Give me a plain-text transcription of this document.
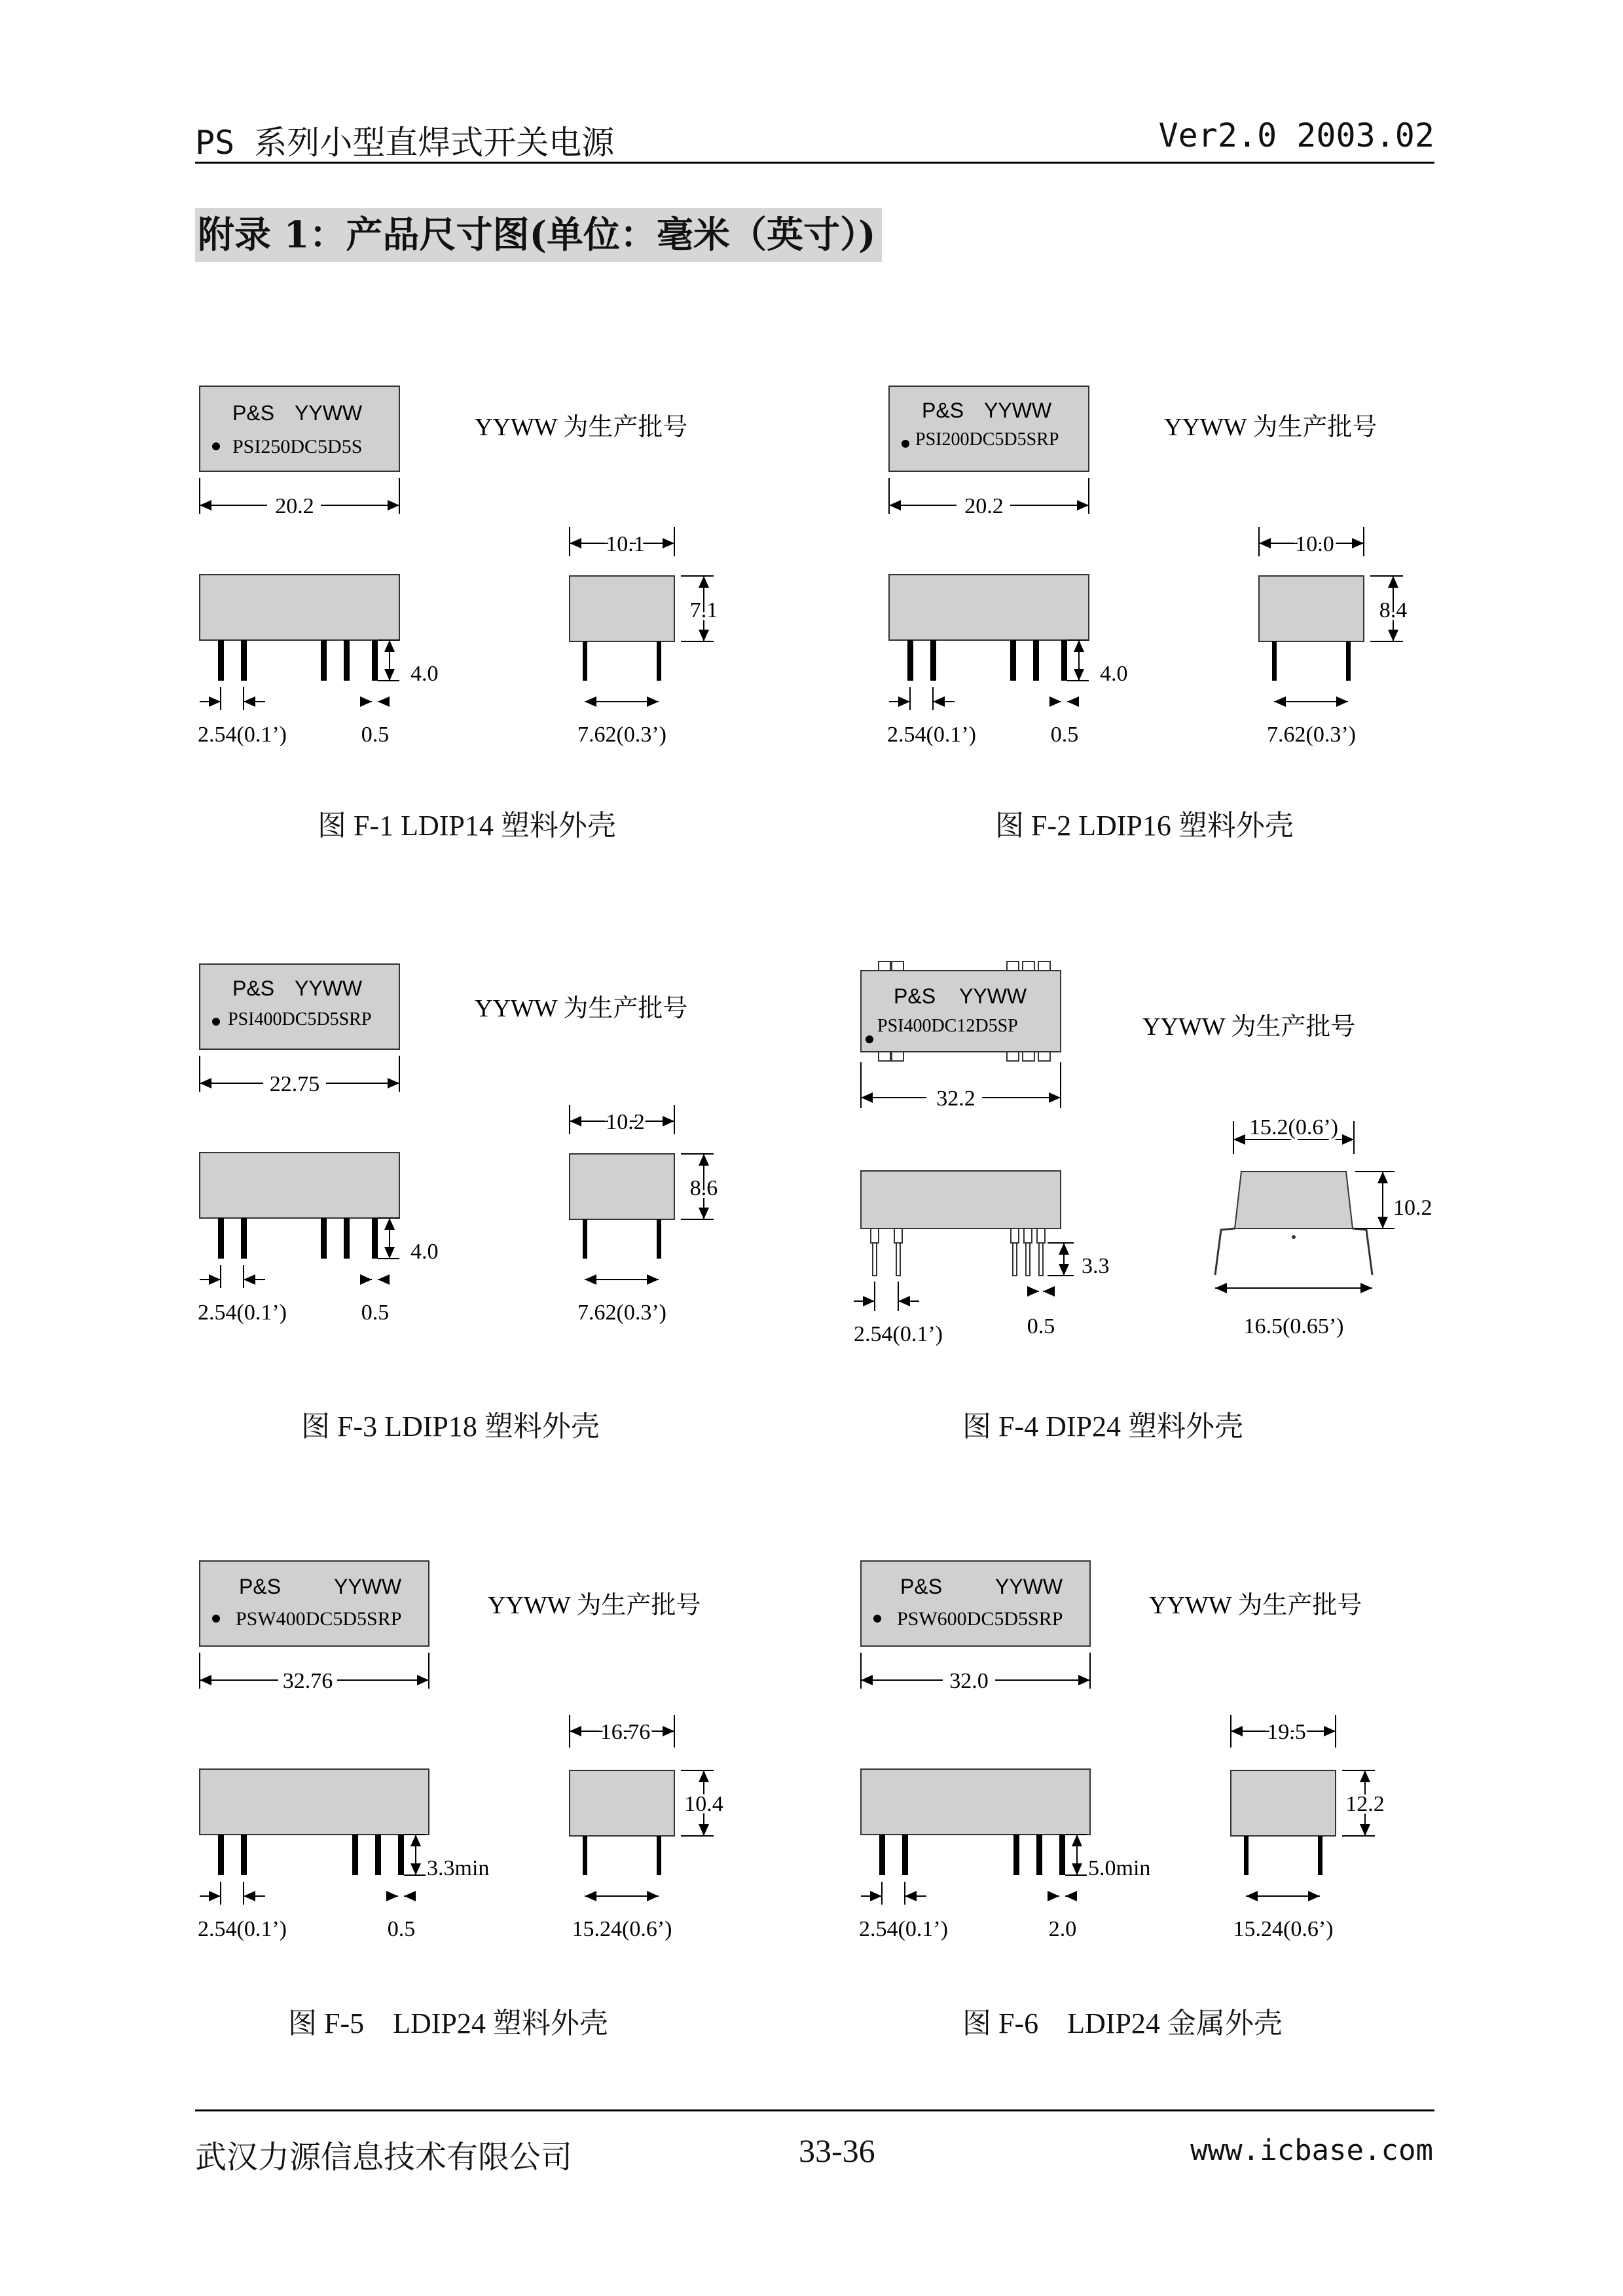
PS 系列小型直焊式开关电源	Ver2.0 2003.02
附录 1：产品尺寸图(单位：毫米（英寸）)
P&S YYWW
PSI250DC5D5S
YYWW 为生产批号
20.2
4.0
2.54(0.1’)	0.5
10.1
7.1
7.62(0.3’)
图 F-1 LDIP14 塑料外壳
P&S YYWW
PSI200DC5D5SRP	YYWW 为生产批号
20.2
4.0
2.54(0.1’)	0.5
10.0
8.4
7.62(0.3’)
图 F-2 LDIP16 塑料外壳
P&S YYWW
PSI400DC5D5SRP	YYWW 为生产批号
22.75
4.0
2.54(0.1’)	0.5
10.2
8.6
7.62(0.3’)
图 F-3 LDIP18 塑料外壳
P&S YYWW
PSI400DC12D5SP	YYWW 为生产批号
32.2
3.3
2.54(0.1’)	0.5
15.2(0.6’)
10.2
16.5(0.65’)
图 F-4 DIP24 塑料外壳
P&S	YYWW
PSW400DC5D5SRP	YYWW 为生产批号
32.76
3.3min
2.54(0.1’)	0.5
16.76
10.4
15.24(0.6’)
图 F-5　LDIP24 塑料外壳
P&S	YYWW
PSW600DC5D5SRP	YYWW 为生产批号
32.0
5.0min
2.54(0.1’)	2.0
19.5
12.2
15.24(0.6’)
图 F-6　LDIP24 金属外壳
武汉力源信息技术有限公司	33-36	www.icbase.com
